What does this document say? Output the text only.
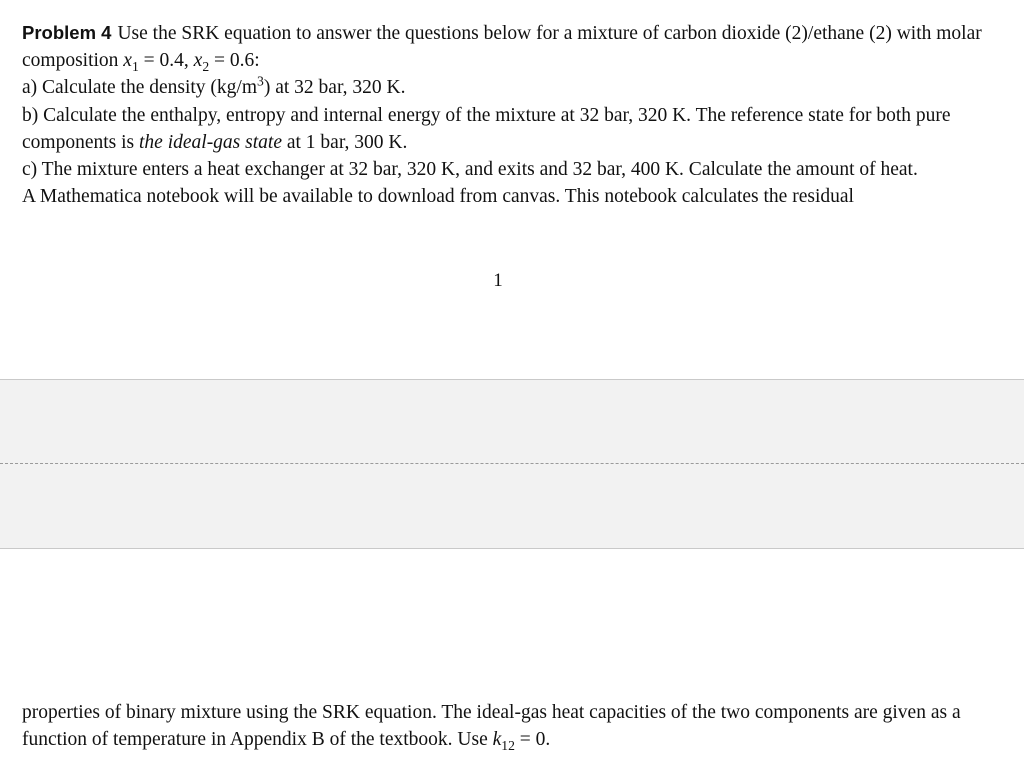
Problem 4 Use the SRK equation to answer the questions below for a mixture of carbon dioxide (2)/ethane (2) with molar composition $x_1 = 0.4$, $x_2 = 0.6$:

a) Calculate the density $(kg/m^3)$ at 32 bar, 320 K.

b) Calculate the enthalpy, entropy and internal energy of the mixture at 32 bar, 320 K. The reference state for both pure components is the ideal-gas state at 1 bar, 300 K.

c) The mixture enters a heat exchanger at 32 bar, 320 K, and exits and 32 bar, 400 K. Calculate the amount of heat.

A Mathematica notebook will be available to download from canvas. This notebook calculates the residual

1

properties of binary mixture using the SRK equation. The ideal-gas heat capacities of the two components are given as a function of temperature in Appendix B of the textbook. Use $k_{12} = 0$.
